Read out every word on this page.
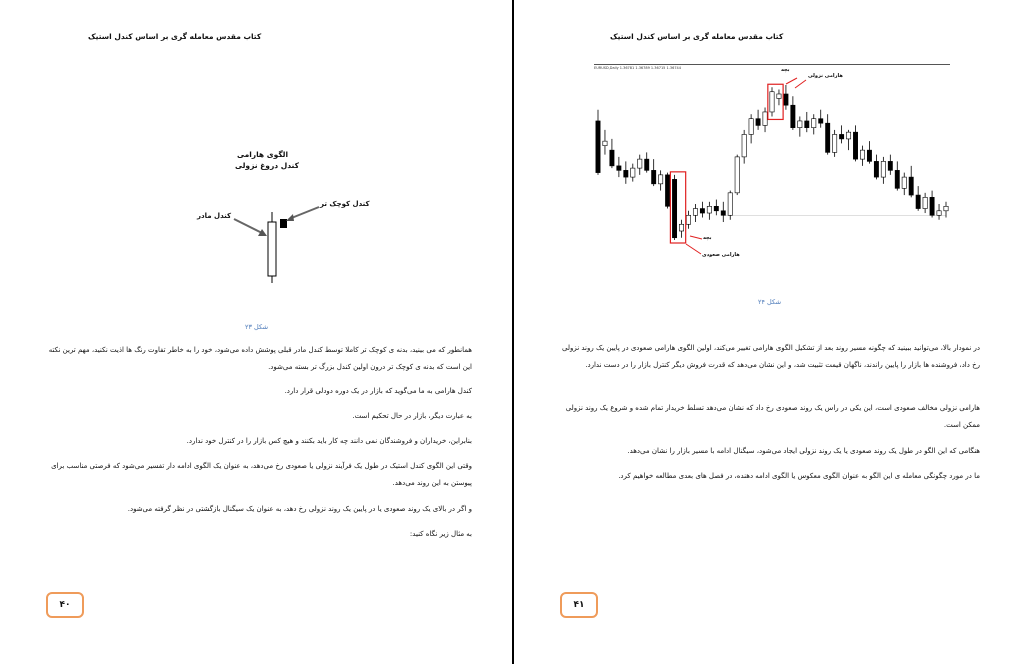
کتاب مقدس معامله گری بر اساس کندل استیک
الگوی هارامی
کندل دروغ نزولی
کندل کوچک تر
کندل مادر
شکل ۲۳
همانطور که می بینید، بدنه ی کوچک تر کاملا توسط کندل مادر قبلی پوشش داده می‌شود، خود را به خاطر تفاوت رنگ ها اذیت نکنید، مهم ترین نکته این است که بدنه ی کوچک تر درون اولین کندل بزرگ تر بسته می‌شود.
کندل هارامی به ما می‌گوید که بازار در یک دوره دودلی قرار دارد.
به عبارت دیگر، بازار در حال تحکیم است.
بنابراین، خریداران و فروشندگان نمی دانند چه کار باید بکنند و هیچ کس بازار را در کنترل خود ندارد.
وقتی این الگوی کندل استیک در طول یک فرآیند نزولی یا صعودی رخ می‌دهد، به عنوان یک الگوی ادامه دار تفسیر می‌شود که فرصتی مناسب برای پیوستن به این روند می‌دهد.
و اگر در بالای یک روند صعودی یا در پایین یک روند نزولی رخ دهد، به عنوان یک سیگنال بازگشتی در نظر گرفته می‌شود.
به مثال زیر نگاه کنید:
۴۰
کتاب مقدس معامله گری بر اساس کندل استیک
EURUSD,Daily 1.36781 1.36789 1.36715 1.36744	بچه
هارامی نزولی
بچه
هارامی صعودی
شکل ۲۴
در نمودار بالا، می‌توانید ببینید که چگونه مسیر روند بعد از تشکیل الگوی هارامی تغییر می‌کند، اولین الگوی هارامی صعودی در پایین یک روند نزولی رخ داد، فروشنده ها بازار را پایین راندند، ناگهان قیمت تثبیت شد، و این نشان می‌دهد که قدرت فروش دیگر کنترل بازار را در دست ندارد.
هارامی نزولی مخالف صعودی است، این یکی در راس یک روند صعودی رخ داد که نشان می‌دهد تسلط خریدار تمام شده و شروع یک روند نزولی ممکن است.
هنگامی که این الگو در طول یک روند صعودی یا یک روند نزولی ایجاد می‌شود، سیگنال ادامه با مسیر بازار را نشان می‌دهد.
ما در مورد چگونگی معامله ی این الگو به عنوان الگوی معکوس یا الگوی ادامه دهنده، در فصل های بعدی مطالعه خواهیم کرد.
۴۱
